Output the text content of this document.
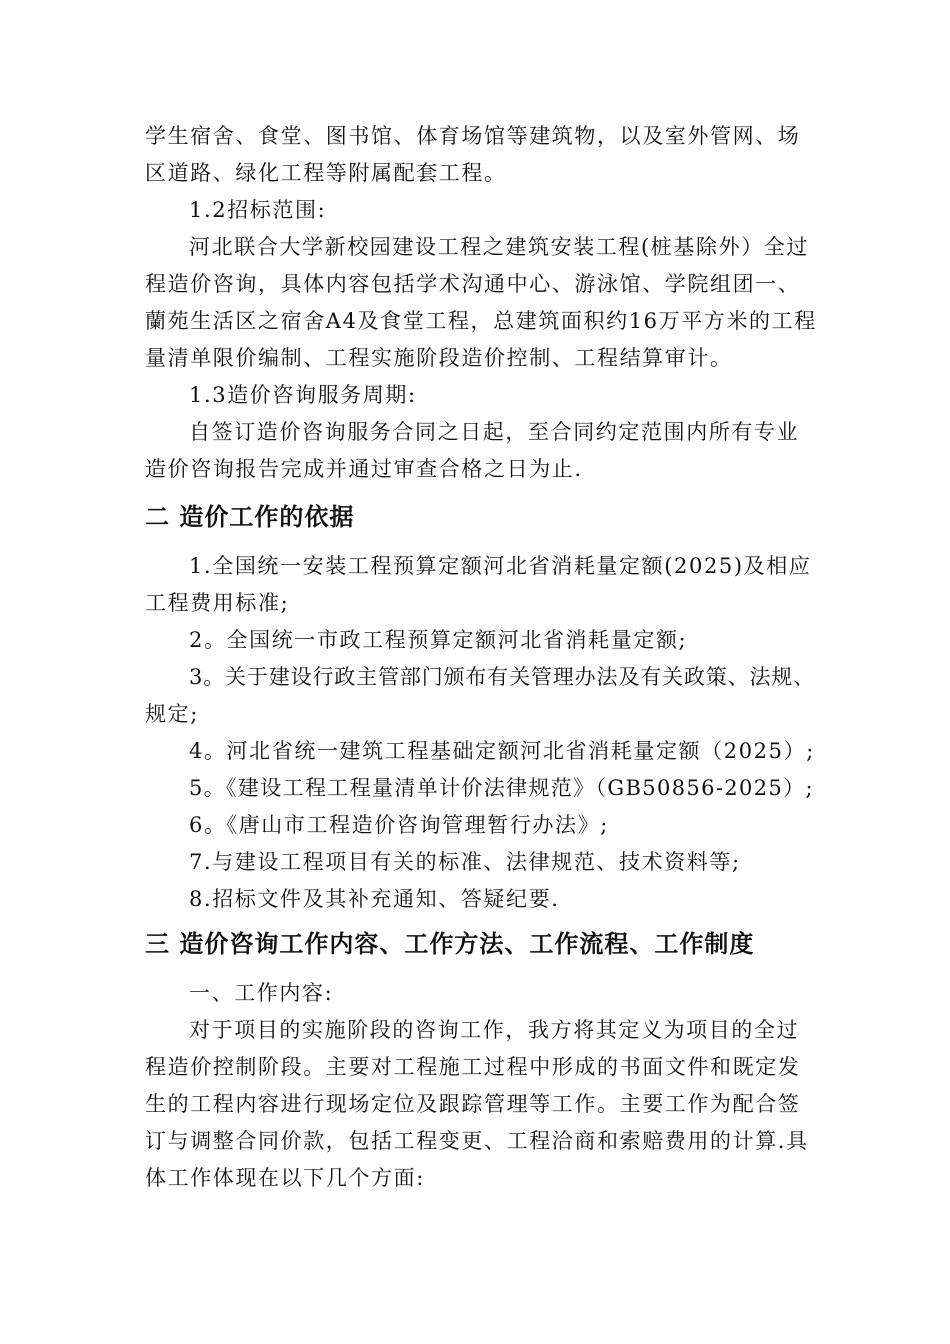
学生宿舍、食堂、图书馆、体育场馆等建筑物，以及室外管网、场
区道路、绿化工程等附属配套工程。
1.2招标范围:
河北联合大学新校园建设工程之建筑安装工程(桩基除外）全过
程造价咨询，具体内容包括学术沟通中心、游泳馆、学院组团一、
蘭苑生活区之宿舍A4及食堂工程，总建筑面积约16万平方米的工程
量清单限价编制、工程实施阶段造价控制、工程结算审计。
1.3造价咨询服务周期:
自签订造价咨询服务合同之日起，至合同约定范围内所有专业
造价咨询报告完成并通过审查合格之日为止.
二 造价工作的依据
1.全国统一安装工程预算定额河北省消耗量定额(2025)及相应
工程费用标准;
2。全国统一市政工程预算定额河北省消耗量定额;
3。关于建设行政主管部门颁布有关管理办法及有关政策、法规、
规定;
4。河北省统一建筑工程基础定额河北省消耗量定额（2025）;
5。《建设工程工程量清单计价法律规范》（GB50856-2025）;
6。《唐山市工程造价咨询管理暂行办法》;
7.与建设工程项目有关的标准、法律规范、技术资料等;
8.招标文件及其补充通知、答疑纪要.
三 造价咨询工作内容、工作方法、工作流程、工作制度
一、工作内容:
对于项目的实施阶段的咨询工作，我方将其定义为项目的全过
程造价控制阶段。主要对工程施工过程中形成的书面文件和既定发
生的工程内容进行现场定位及跟踪管理等工作。主要工作为配合签
订与调整合同价款，包括工程变更、工程洽商和索赔费用的计算.具
体工作体现在以下几个方面:
